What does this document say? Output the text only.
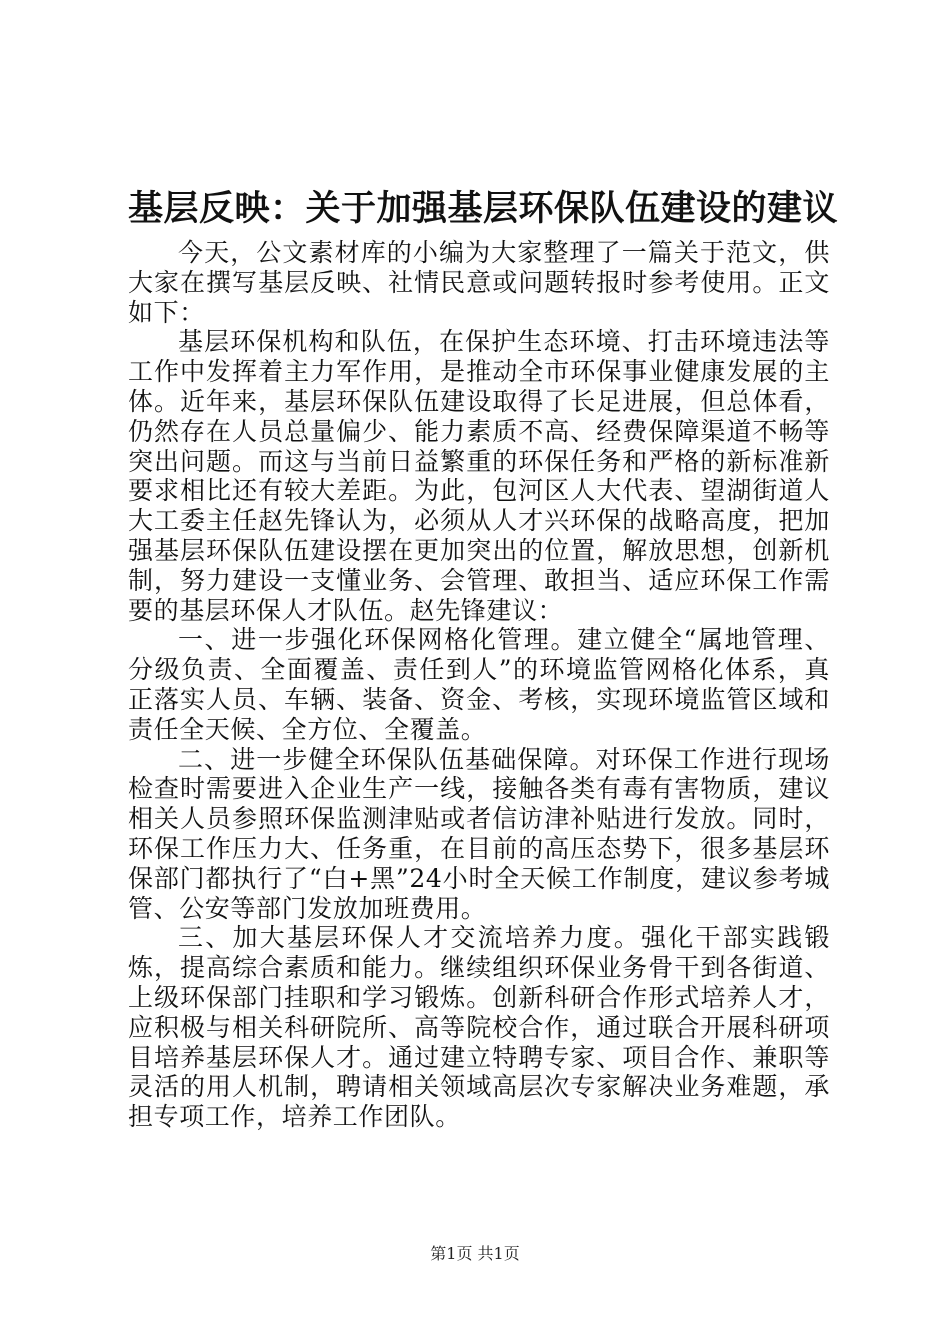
基层反映：关于加强基层环保队伍建设的建议

今天，公文素材库的小编为大家整理了一篇关于范文，供大家在撰写基层反映、社情民意或问题转报时参考使用。正文如下：

基层环保机构和队伍，在保护生态环境、打击环境违法等工作中发挥着主力军作用，是推动全市环保事业健康发展的主体。近年来，基层环保队伍建设取得了长足进展，但总体看，仍然存在人员总量偏少、能力素质不高、经费保障渠道不畅等突出问题。而这与当前日益繁重的环保任务和严格的新标准新要求相比还有较大差距。为此，包河区人大代表、望湖街道人大工委主任赵先锋认为，必须从人才兴环保的战略高度，把加强基层环保队伍建设摆在更加突出的位置，解放思想，创新机制，努力建设一支懂业务、会管理、敢担当、适应环保工作需要的基层环保人才队伍。赵先锋建议：

一、进一步强化环保网格化管理。建立健全“属地管理、分级负责、全面覆盖、责任到人”的环境监管网格化体系，真正落实人员、车辆、装备、资金、考核，实现环境监管区域和责任全天候、全方位、全覆盖。

二、进一步健全环保队伍基础保障。对环保工作进行现场检查时需要进入企业生产一线，接触各类有毒有害物质，建议相关人员参照环保监测津贴或者信访津补贴进行发放。同时，环保工作压力大、任务重，在目前的高压态势下，很多基层环保部门都执行了“白+黑”24小时全天候工作制度，建议参考城管、公安等部门发放加班费用。

三、加大基层环保人才交流培养力度。强化干部实践锻炼，提高综合素质和能力。继续组织环保业务骨干到各街道、上级环保部门挂职和学习锻炼。创新科研合作形式培养人才，应积极与相关科研院所、高等院校合作，通过联合开展科研项目培养基层环保人才。通过建立特聘专家、项目合作、兼职等灵活的用人机制，聘请相关领域高层次专家解决业务难题，承担专项工作，培养工作团队。

第1页 共1页
